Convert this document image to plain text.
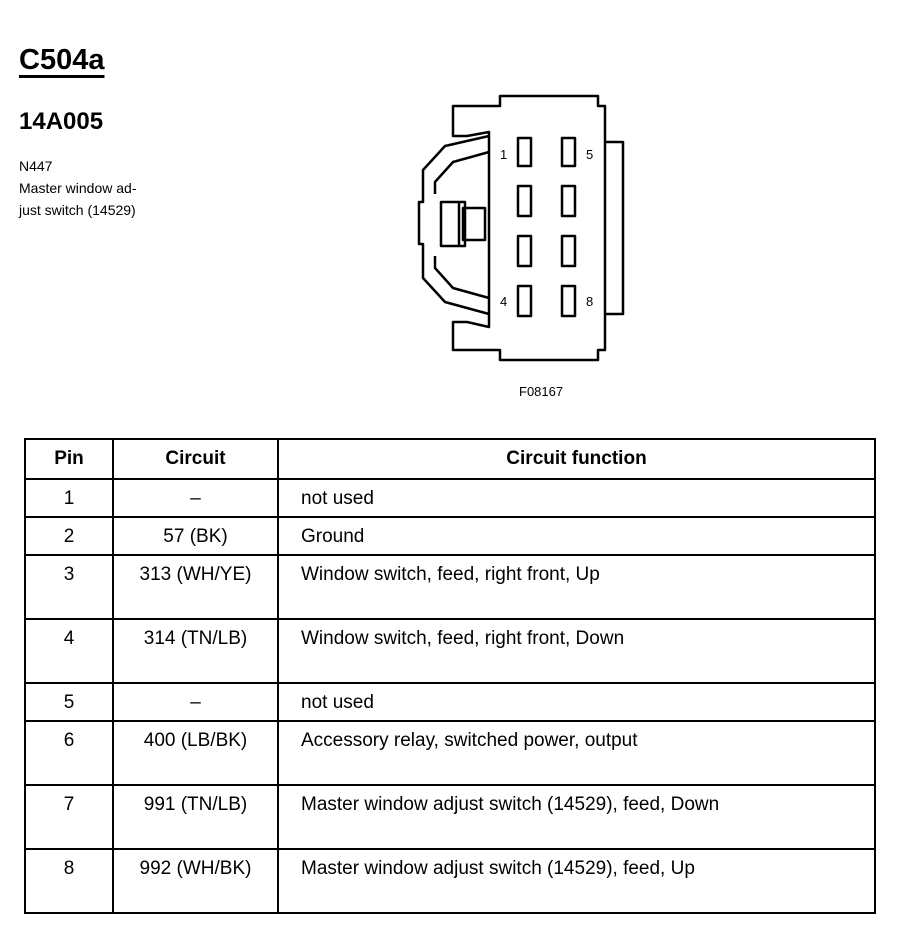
C504a
14A005
N447
Master window ad-
just switch (14529)
1	5
4	8
F08167
Pin	Circuit	Circuit function
1	–	not used
2	57 (BK)	Ground
3	313 (WH/YE)	Window switch, feed, right front, Up
4	314 (TN/LB)	Window switch, feed, right front, Down
5	–	not used
6	400 (LB/BK)	Accessory relay, switched power, output
7	991 (TN/LB)	Master window adjust switch (14529), feed, Down
8	992 (WH/BK)	Master window adjust switch (14529), feed, Up
